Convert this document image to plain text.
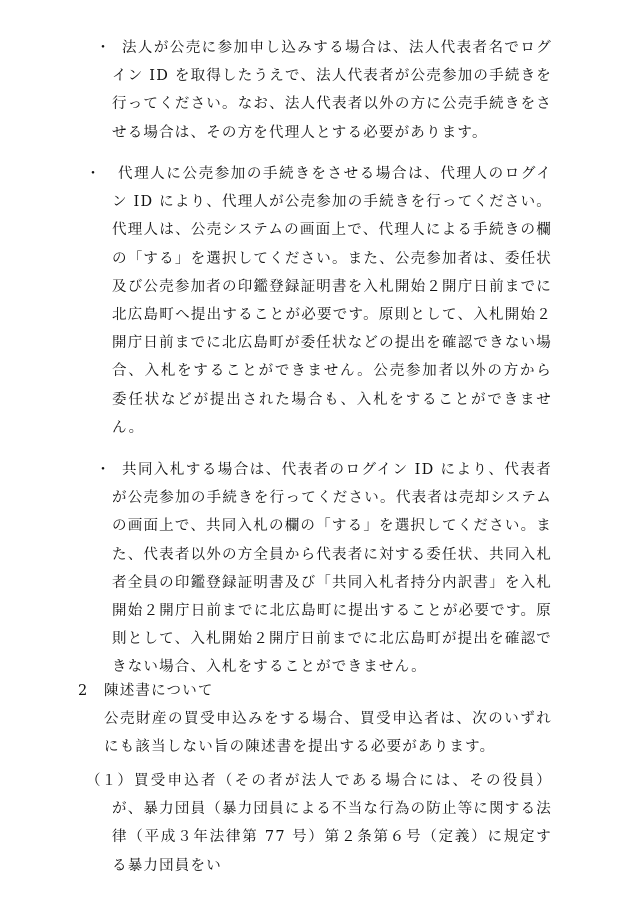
・ 法人が公売に参加申し込みする場合は、法人代表者名でログイン ID を取得したうえで、法人代表者が公売参加の手続きを行ってください。なお、法人代表者以外の方に公売手続きをさせる場合は、その方を代理人とする必要があります。

・	代理人に公売参加の手続きをさせる場合は、代理人のログイン ID により、代理人が公売参加の手続きを行ってください。代理人は、公売システムの画面上で、代理人による手続きの欄の「する」を選択してください。また、公売参加者は、委任状及び公売参加者の印鑑登録証明書を入札開始２開庁日前までに北広島町へ提出することが必要です。原則として、入札開始２開庁日前までに北広島町が委任状などの提出を確認できない場合、入札をすることができません。公売参加者以外の方から委任状などが提出された場合も、入札をすることができません。

・ 共同入札する場合は、代表者のログイン ID により、代表者が公売参加の手続きを行ってください。代表者は売却システムの画面上で、共同入札の欄の「する」を選択してください。また、代表者以外の方全員から代表者に対する委任状、共同入札者全員の印鑑登録証明書及び「共同入札者持分内訳書」を入札開始２開庁日前までに北広島町に提出することが必要です。原則として、入札開始２開庁日前までに北広島町が提出を確認できない場合、入札をすることができません。

2 陳述書について

公売財産の買受申込みをする場合、買受申込者は、次のいずれにも該当しない旨の陳述書を提出する必要があります。

（１） 買受申込者（その者が法人である場合には、その役員）が、暴力団員（暴力団員による不当な行為の防止等に関する法律（平成３年法律第 77 号）第２条第６号（定義）に規定する暴力団員をい
